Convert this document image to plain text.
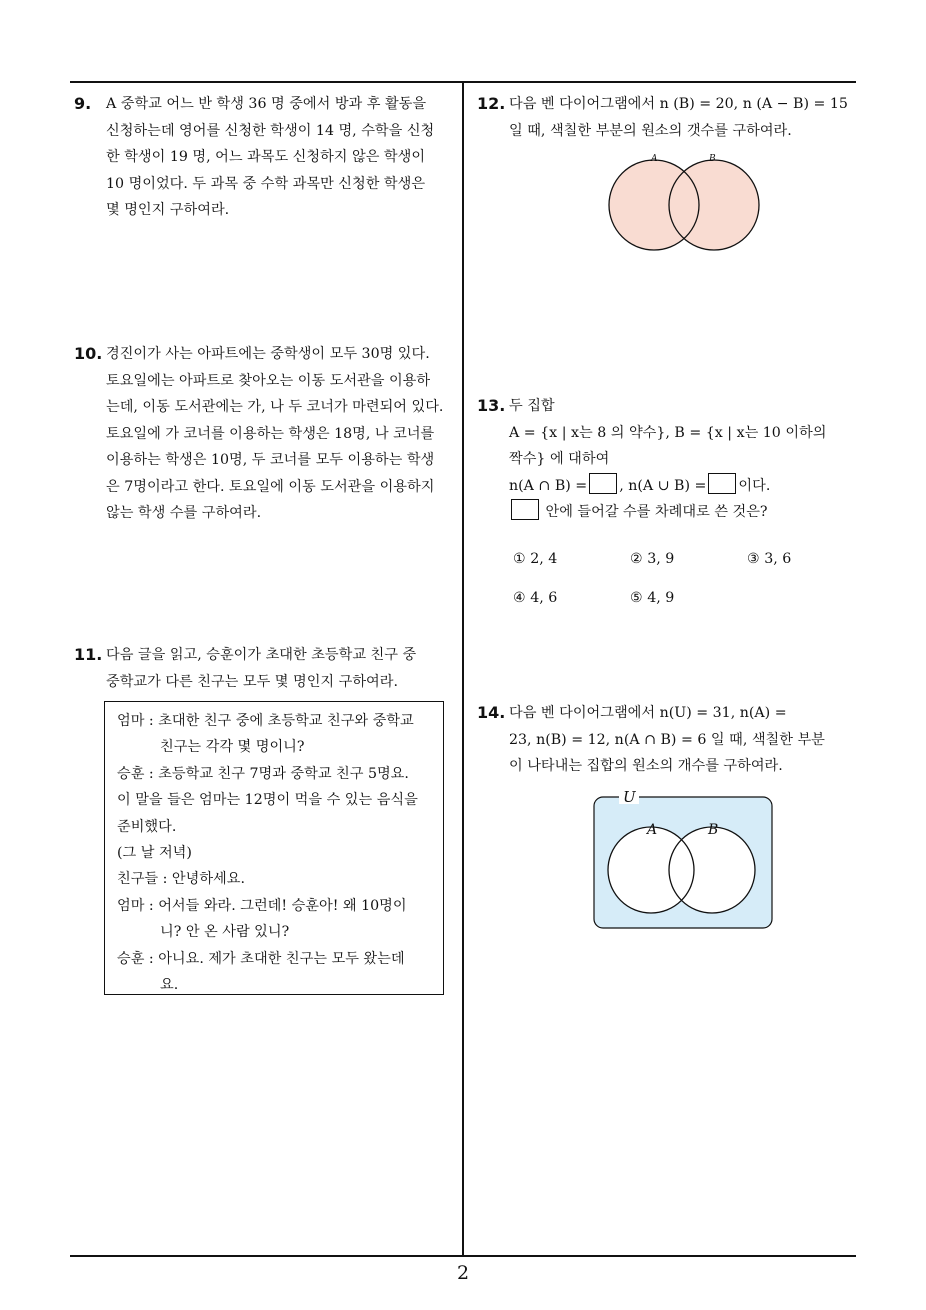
9. A 중학교 어느 반 학생 36 명 중에서 방과 후 활동을
신청하는데 영어를 신청한 학생이 14 명, 수학을 신청
한 학생이 19 명, 어느 과목도 신청하지 않은 학생이
10 명이었다. 두 과목 중 수학 과목만 신청한 학생은
몇 명인지 구하여라.
10. 경진이가 사는 아파트에는 중학생이 모두 30명 있다.
토요일에는 아파트로 찾아오는 이동 도서관을 이용하
는데, 이동 도서관에는 가, 나 두 코너가 마련되어 있다.
토요일에 가 코너를 이용하는 학생은 18명, 나 코너를
이용하는 학생은 10명, 두 코너를 모두 이용하는 학생
은 7명이라고 한다. 토요일에 이동 도서관을 이용하지
않는 학생 수를 구하여라.
11. 다음 글을 읽고, 승훈이가 초대한 초등학교 친구 중
중학교가 다른 친구는 모두 몇 명인지 구하여라.
엄마 : 초대한 친구 중에 초등학교 친구와 중학교
친구는 각각 몇 명이니?
승훈 : 초등학교 친구 7명과 중학교 친구 5명요.
이 말을 들은 엄마는 12명이 먹을 수 있는 음식을
준비했다.
(그 날 저녁)
친구들 : 안녕하세요.
엄마 : 어서들 와라. 그런데! 승훈아! 왜 10명이
니? 안 온 사람 있니?
승훈 : 아니요. 제가 초대한 친구는 모두 왔는데
요.
12. 다음 벤 다이어그램에서 n (B) = 20, n (A − B) = 15
일 때, 색칠한 부분의 원소의 갯수를 구하여라.
A	B
13. 두 집합
A = {x | x는 8 의 약수}, B = {x | x는 10 이하의
짝수} 에 대하여
n(A ∩ B) = , n(A ∪ B) = 이다.
안에 들어갈 수를 차례대로 쓴 것은?
① 2, 4	② 3, 9	③ 3, 6
④ 4, 6	⑤ 4, 9
14. 다음 벤 다이어그램에서 n(U) = 31, n(A) =
23, n(B) = 12, n(A ∩ B) = 6 일 때, 색칠한 부분
이 나타내는 집합의 원소의 개수를 구하여라.
U
A	B
2
